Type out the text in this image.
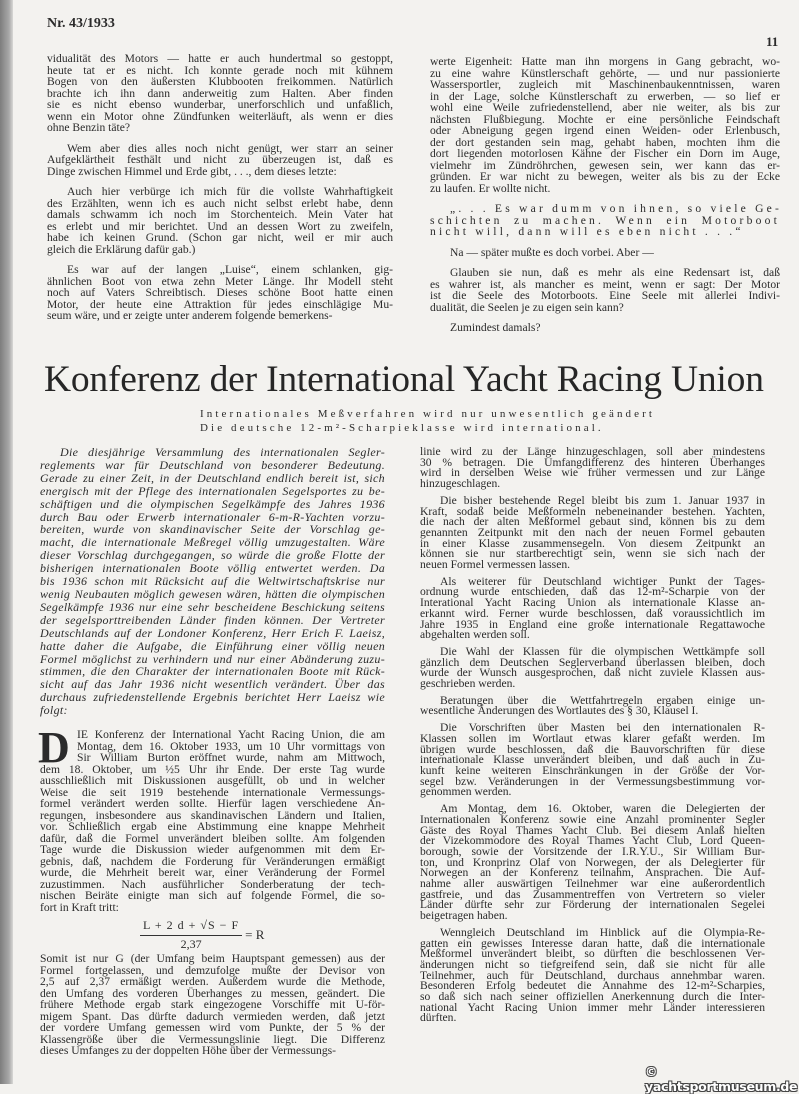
Nr. 43/1933
11
vidualität des Motors — hatte er auch hundertmal so gestoppt,
heute tat er es nicht. Ich konnte gerade noch mit kühnem
Bogen von den äußersten Klubbooten freikommen. Natürlich
brachte ich ihn dann anderweitig zum Halten. Aber finden
sie es nicht ebenso wunderbar, unerforschlich und unfaßlich,
wenn ein Motor ohne Zündfunken weiterläuft, als wenn er dies
ohne Benzin täte?
Wem aber dies alles noch nicht genügt, wer starr an seiner
Aufgeklärtheit festhält und nicht zu überzeugen ist, daß es
Dinge zwischen Himmel und Erde gibt, . . ., dem dieses letzte:
Auch hier verbürge ich mich für die vollste Wahrhaftigkeit
des Erzählten, wenn ich es auch nicht selbst erlebt habe, denn
damals schwamm ich noch im Storchenteich. Mein Vater hat
es erlebt und mir berichtet. Und an dessen Wort zu zweifeln,
habe ich keinen Grund. (Schon gar nicht, weil er mir auch
gleich die Erklärung dafür gab.)
Es war auf der langen „Luise“, einem schlanken, gig-
ähnlichen Boot von etwa zehn Meter Länge. Ihr Modell steht
noch auf Vaters Schreibtisch. Dieses schöne Boot hatte einen
Motor, der heute eine Attraktion für jedes einschlägige Mu-
seum wäre, und er zeigte unter anderem folgende bemerkens-
werte Eigenheit: Hatte man ihn morgens in Gang gebracht, wo-
zu eine wahre Künstlerschaft gehörte, — und nur passionierte
Wassersportler, zugleich mit Maschinenbaukenntnissen, waren
in der Lage, solche Künstlerschaft zu erwerben, — so lief er
wohl eine Weile zufriedenstellend, aber nie weiter, als bis zur
nächsten Flußbiegung. Mochte er eine persönliche Feindschaft
oder Abneigung gegen irgend einen Weiden- oder Erlenbusch,
der dort gestanden sein mag, gehabt haben, mochten ihm die
dort liegenden motorlosen Kähne der Fischer ein Dorn im Auge,
vielmehr im Zündröhrchen, gewesen sein, wer kann das er-
gründen. Er war nicht zu bewegen, weiter als bis zu der Ecke
zu laufen. Er wollte nicht.
„. . . Es war dumm von ihnen, so viele Ge-
schichten zu machen. Wenn ein Motorboot
nicht will, dann will es eben nicht . . .“
Na — später mußte es doch vorbei. Aber —
Glauben sie nun, daß es mehr als eine Redensart ist, daß
es wahrer ist, als mancher es meint, wenn er sagt: Der Motor
ist die Seele des Motorboots. Eine Seele mit allerlei Indivi-
dualität, die Seelen je zu eigen sein kann?
Zumindest damals?
Konferenz der International Yacht Racing Union
Internationales Meßverfahren wird nur unwesentlich geändert
Die deutsche 12-m²-Scharpieklasse wird international.
Die diesjährige Versammlung des internationalen Segler-
reglements war für Deutschland von besonderer Bedeutung.
Gerade zu einer Zeit, in der Deutschland endlich bereit ist, sich
energisch mit der Pflege des internationalen Segelsportes zu be-
schäftigen und die olympischen Segelkämpfe des Jahres 1936
durch Bau oder Erwerb internationaler 6-m-R-Yachten vorzu-
bereiten, wurde von skandinavischer Seite der Vorschlag ge-
macht, die internationale Meßregel völlig umzugestalten. Wäre
dieser Vorschlag durchgegangen, so würde die große Flotte der
bisherigen internationalen Boote völlig entwertet werden. Da
bis 1936 schon mit Rücksicht auf die Weltwirtschaftskrise nur
wenig Neubauten möglich gewesen wären, hätten die olympischen
Segelkämpfe 1936 nur eine sehr bescheidene Beschickung seitens
der segelsporttreibenden Länder finden können. Der Vertreter
Deutschlands auf der Londoner Konferenz, Herr Erich F. Laeisz,
hatte daher die Aufgabe, die Einführung einer völlig neuen
Formel möglichst zu verhindern und nur einer Abänderung zuzu-
stimmen, die den Charakter der internationalen Boote mit Rück-
sicht auf das Jahr 1936 nicht wesentlich verändert. Über das
durchaus zufriedenstellende Ergebnis berichtet Herr Laeisz wie
folgt:
D IE Konferenz der International Yacht Racing Union, die am
Montag, dem 16. Oktober 1933, um 10 Uhr vormittags von
Sir William Burton eröffnet wurde, nahm am Mittwoch,
dem 18. Oktober, um ½5 Uhr ihr Ende. Der erste Tag wurde
ausschließlich mit Diskussionen ausgefüllt, ob und in welcher
Weise die seit 1919 bestehende internationale Vermessungs-
formel verändert werden sollte. Hierfür lagen verschiedene An-
regungen, insbesondere aus skandinavischen Ländern und Italien,
vor. Schließlich ergab eine Abstimmung eine knappe Mehrheit
dafür, daß die Formel unverändert bleiben sollte. Am folgenden
Tage wurde die Diskussion wieder aufgenommen mit dem Er-
gebnis, daß, nachdem die Forderung für Veränderungen ermäßigt
wurde, die Mehrheit bereit war, einer Veränderung der Formel
zuzustimmen. Nach ausführlicher Sonderberatung der tech-
nischen Beiräte einigte man sich auf folgende Formel, die so-
fort in Kraft tritt:
$\frac{L + 2 d + √S - F}{2,37} = R$
Somit ist nur G (der Umfang beim Hauptspant gemessen) aus der
Formel fortgelassen, und demzufolge mußte der Devisor von
2,5 auf 2,37 ermäßigt werden. Außerdem wurde die Methode,
den Umfang des vorderen Überhanges zu messen, geändert. Die
frühere Methode ergab stark eingezogene Vorschiffe mit U-för-
migem Spant. Das dürfte dadurch vermieden werden, daß jetzt
der vordere Umfang gemessen wird vom Punkte, der 5 % der
Klassengröße über die Vermessungslinie liegt. Die Differenz
dieses Umfanges zu der doppelten Höhe über der Vermessungs-
linie wird zu der Länge hinzugeschlagen, soll aber mindestens
30 % betragen. Die Umfangdifferenz des hinteren Überhanges
wird in derselben Weise wie früher vermessen und zur Länge
hinzugeschlagen.
Die bisher bestehende Regel bleibt bis zum 1. Januar 1937 in
Kraft, sodaß beide Meßformeln nebeneinander bestehen. Yachten,
die nach der alten Meßformel gebaut sind, können bis zu dem
genannten Zeitpunkt mit den nach der neuen Formel gebauten
in einer Klasse zusammensegeln. Von diesem Zeitpunkt an
können sie nur startberechtigt sein, wenn sie sich nach der
neuen Formel vermessen lassen.
Als weiterer für Deutschland wichtiger Punkt der Tages-
ordnung wurde entschieden, daß das 12-m²-Scharpie von der
Interational Yacht Racing Union als internationale Klasse an-
erkannt wird. Ferner wurde beschlossen, daß voraussichtlich im
Jahre 1935 in England eine große internationale Regattawoche
abgehalten werden soll.
Die Wahl der Klassen für die olympischen Wettkämpfe soll
gänzlich dem Deutschen Seglerverband überlassen bleiben, doch
wurde der Wunsch ausgesprochen, daß nicht zuviele Klassen aus-
geschrieben werden.
Beratungen über die Wettfahrtregeln ergaben einige un-
wesentliche Änderungen des Wortlautes des § 30, Klausel I.
Die Vorschriften über Masten bei den internationalen R-
Klassen sollen im Wortlaut etwas klarer gefaßt werden. Im
übrigen wurde beschlossen, daß die Bauvorschriften für diese
internationale Klasse unverändert bleiben, und daß auch in Zu-
kunft keine weiteren Einschränkungen in der Größe der Vor-
segel bzw. Veränderungen in der Vermessungsbestimmung vor-
genommen werden.
Am Montag, dem 16. Oktober, waren die Delegierten der
Internationalen Konferenz sowie eine Anzahl prominenter Segler
Gäste des Royal Thames Yacht Club. Bei diesem Anlaß hielten
der Vizekommodore des Royal Thames Yacht Club, Lord Queen-
borough, sowie der Vorsitzende der I.R.Y.U., Sir William Bur-
ton, und Kronprinz Olaf von Norwegen, der als Delegierter für
Norwegen an der Konferenz teilnahm, Ansprachen. Die Auf-
nahme aller auswärtigen Teilnehmer war eine außerordentlich
gastfreie, und das Zusammentreffen von Vertretern so vieler
Länder dürfte sehr zur Förderung der internationalen Segelei
beigetragen haben.
Wenngleich Deutschland im Hinblick auf die Olympia-Re-
gatten ein gewisses Interesse daran hatte, daß die internationale
Meßformel unverändert bleibt, so dürften die beschlossenen Ver-
änderungen nicht so tiefgreifend sein, daß sie nicht für alle
Teilnehmer, auch für Deutschland, durchaus annehmbar waren.
Besonderen Erfolg bedeutet die Annahme des 12-m²-Scharpies,
so daß sich nach seiner offiziellen Anerkennung durch die Inter-
national Yacht Racing Union immer mehr Länder interessieren
dürften.
© yachtsportmuseum.de
